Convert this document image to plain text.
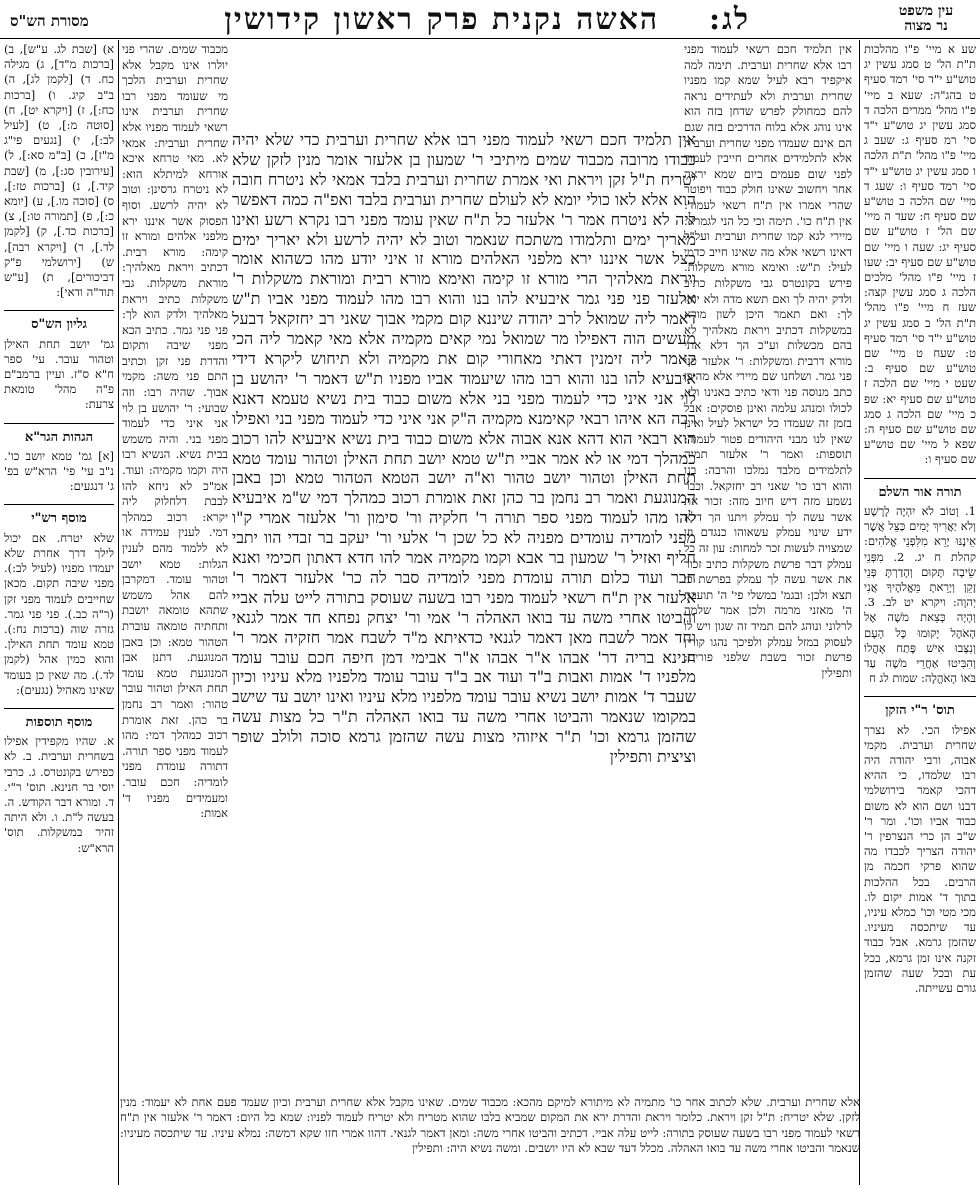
עין משפט
נר מצוה
לג:    האשה נקנית פרק ראשון קידושין
מסורת הש"ס

שע א מיי' פ"ו מהלכות ת"ת הל' ט סמג עשין יג טוש"ע י"ד סי' רמד סעיף ט בהג"ה: שעא ב מיי' פ"ו מהל' ממרים הלכה ד סמג עשין יג טוש"ע י"ד סי' רמ סעיף ג: שעב ג מיי' פ"ו מהל' ת"ת הלכה ו סמג עשין יג טוש"ע י"ד סי' רמד סעיף ו: שעג ד מיי' שם הלכה ב טוש"ע שם סעיף ח: שעד ה מיי' שם הל' ז טוש"ע שם סעיף יג: שעה ו מיי' שם טוש"ע שם סעיף יב: שעו ז מיי' פ"ו מהל' מלכים הלכה ג סמג עשין קצה: שעז ח מיי' פ"ו מהל' ת"ת הל' ב סמג עשין יג טוש"ע י"ד סי' רמד סעיף ט: שעח ט מיי' שם טוש"ע שם סעיף ב: שעט י מיי' שם הלכה ז טוש"ע שם סעיף יא: שפ כ מיי' שם הלכה ג סמג שם טוש"ע שם סעיף ה: שפא ל מיי' שם טוש"ע שם סעיף ו:

תורה אור השלם

1. וְטוֹב לֹא יִהְיֶה לָרָשָׁע וְלֹא יַאֲרִיךְ יָמִים כַּצֵּל אֲשֶׁר אֵינֶנּוּ יָרֵא מִלִּפְנֵי אֱלֹהִים: קהלת ח יג. 2. מִפְּנֵי שֵׂיבָה תָּקוּם וְהָדַרְתָּ פְּנֵי זָקֵן וְיָרֵאתָ מֵּאֱלֹהֶיךָ אֲנִי יְהוָה: ויקרא יט לב. 3. וְהָיָה כְּצֵאת מֹשֶׁה אֶל הָאֹהֶל יָקוּמוּ כָּל הָעָם וְנִצְּבוּ אִישׁ פֶּתַח אָהֳלוֹ וְהִבִּיטוּ אַחֲרֵי מֹשֶׁה עַד בֹּאוֹ הָאֹהֱלָה: שמות לג ח

תוס' ר"י הזקן

אפילו הכי. לא נצרך שחרית וערבית. מקמי אבוה, ורבי יהודה היה רבו שלמדו, כי ההיא דהכי קאמר בירושלמי דבנו ושם הוא לא משום כבוד אביו וכו'. ומר ר' ש"ב הן כרי הנצרפין ר' יהודה הצריך לכבדו מה שהוא פרקי חכמה מן הרבים. בכל ההלכות בתוך ד' אמות יקום לו. מכי מטי וכו' כמלא עיניו, עד שיתכסה מעיניו. שהזמן גרמא. אבל כבוד זקנה אינו זמן גרמא, בכל עת ובכל שעה שהזמן גורם עשייתה.

אין תלמיד חכם רשאי לעמוד מפני רבו אלא שחרית וערבית. תימה למה איקפיד רבא לעיל שמא קמו מפניו שחרית וערבית ולא לעתידים נראה להם כמחולק לפרש שדחן בזה הוא אינו נוהג אלא בלוח הדרכים בזה שגם הם אינם שעמדו מפני שחרית וערבית אלא לתלמידים אחרים חייבין לעמוד לפני שום פעמים ביום שמא יראה אחר ויחשוב שאינו חולק כבוד ויפוטר שהרי אמרו אין ת"ח רשאי לעמוד: אין ת"ח כו'. תימה וכי כל הני לגמרא. מיירי לגא קמו שחרית וערבית ועל"ל דאינו רשאי אלא מה שאינו חייב כדמי לעיל: ת"ש: ואימא מורא משקלות. פירש בקונטרס גבי משקלות כתיב ולדק יהיה לך ואם תשא מדה ולא יהיו לך: ואם תאמר היכן לשון מורא במשקלות דכתיב ויראת מאלהיך לא בהם מכשלות וע"כ הך דלא אתי מורא דרבית ומשקלות: ר' אלעזר פני פני גמר. ושלחנו שם מיירי אלא מהיכן כתב מנוסה פני ודאי כתיב באנינו ולא לכולו ומנהג עלמה ואינן פוסקים: אבל בזמן זה שעמדו כל ישראל לעיל ואינן שאין לנו מבני היהודים פטור לעמוד: תוספות: ואמר ר' אלעזר תמיה לתלמידים מלבד נמלכו והרבה: בנו והוא רבו כו' שאני רב יחזקאל. וכבר נשמע מזה דיש חיוב מזה: זכור את אשר עשה לך עמלק ויתנו הך דלא ידע שינוי עמלק עשאוהו כנגדם וזו שמצויה לעשות זכר למחות: עון זה כל עמלק דבר פרשת משקלות כתיב זכור את אשר עשה לך עמלק בפרשת כי תצא ולכן: ובגמ' במשלי פי' ה' תועבת ה' מאזני מרמה ולכן אמר שלמה לרלוני ונוהג להם תמיד זה שגון ויש לו לעסוק במזל עמלק ולפיכך נהגו קורין פרשת זכור בשבת שלפני פורים: ותפילין

אין תלמיד חכם רשאי לעמוד מפני רבו אלא שחרית וערבית כדי שלא יהיה כבודו מרובה מכבוד שמים מיתיבי ר' שמעון בן אלעזר אומר מנין לזקן שלא יטריח ת"ל זקן ויראת ואי אמרת שחרית וערבית בלבד אמאי לא ניטרח חובה הוא אלא לאו כולי יומא לא לעולם שחרית וערבית בלבד ואפ"ה כמה דאפשר ליה לא ניטרח אמר ר' אלעזר כל ת"ח שאין עומד מפני רבו נקרא רשע ואינו מאריך ימים ותלמודו משתכח שנאמר וטוב לא יהיה לרשע ולא יאריך ימים כצל אשר איננו ירא מלפני האלהים מורא זו איני יודע מהו כשהוא אומר ויראת מאלהיך הרי מורא זו קימה ואימא מורא רבית ומוראת משקלות ר' אלעזר פני פני גמר איבעיא להו בנו והוא רבו מהו לעמוד מפני אביו ת"ש דאמר ליה שמואל לרב יהודה שיננא קום מקמי אבוך שאני רב יחזקאל דבעל מעשים הוה דאפילו מר שמואל נמי קאים מקמיה אלא מאי קאמר ליה הכי קאמר ליה זימנין דאתי מאחורי קום את מקמיה ולא תיחוש ליקרא דידי איבעיא להו בנו והוא רבו מהו שיעמוד אביו מפניו ת"ש דאמר ר' יהושע בן לוי אני איני כדי לעמוד מפני בני אלא משום כבוד בית נשיא טעמא דאנא רבה הא איהו רבאי קאימנא מקמיה ה"ק אני איני כדי לעמוד מפני בני ואפילו הוא רבאי הוא דהא אנא אבוה אלא משום כבוד בית נשיא איבעיא להו רכוב כמהלך דמי או לא אמר אביי ת"ש טמא יושב תחת האילן וטהור עומד טמא תחת האילן וטהור יושב טהור וא"ה יושב הטמא הטהור טמא וכן באבן המנוגעת ואמר רב נחמן בר כהן זאת אומרת רכוב כמהלך דמי ש"מ איבעיא להו מהו לעמוד מפני ספר תורה ר' חלקיה ור' סימון ור' אלעזר אמרי ק"ו מפני לומדיה עומדים מפניה לא כל שכן ר' אלעי ור' יעקב בר זבדי הוו יתבי חליף ואזיל ר' שמעון בר אבא וקמו מקמיה אמר להו חדא דאתון חכימי ואנא חבר ועוד כלום תורה עומדת מפני לומדיה סבר לה כר' אלעזר דאמר ר' אלעזר אין ת"ח רשאי לעמוד מפני רבו בשעה שעוסק בתורה לייט עלה אביי והביטו אחרי משה עד בואו האהלה ר' אמי ור' יצחק נפחא חד אמר לגנאי וחד אמר לשבח מאן דאמר לגנאי כדאיתא מ"ד לשבח אמר חזקיה אמר ר' חנינא בריה דר' אבהו א"ר אבהו א"ר אבימי דמן חיפה חכם עובר עומד מלפניו ד' אמות ואבות ב"ד ועוד אב ב"ד עובר עומד מלפניו מלא עיניו וכיון שעבר ד' אמות יושב נשיא עובר עומד מלפניו מלא עיניו ואינו יושב עד שישב במקומו שנאמר והביטו אחרי משה עד בואו האהלה ת"ר כל מצות עשה שהזמן גרמא וכו' ת"ר איזוהי מצות עשה שהזמן גרמא סוכה ולולב שופר וציצית ותפילין

מכבוד שמים. שהרי פני יולרו אינו מקבל אלא שחרית וערבית הלכך מי שעומד מפני רבו שחרית וערבית אינו רשאי לעמוד מפניו אלא שחרית וערבית: אמאי לא. מאי טרחא איכא אורחא למיתלא הוא: לא ניטרח גרסינן: וטוב לא יהיה לרשע. וסוף הפסוק אשר איננו ירא מלפני אלהים ומורא זו קימה: מורא רבית. דכתיב ויראת מאלהיך: מוראת משקלות. גבי משקלות כתיב ויראת מאלהיך ולדק הוא לך: פני פני גמר. כתיב הכא מפני שיבה ותקום והדרת פני זקן וכתיב התם פני משה: מקמי אבוך. שהיה רבו: וזה שבועי: ר' יהושע בן לוי אני איני כדי לעמוד מפני בני. והיה משמש בבית נשיא. הנשיא רבו היה וקמו מקמיה: ועוד. אמ"כ לא ניחא להו לבבת דלחלוק ליה יקרא: רכוב כמהלך דמי. לענין עמידה או לא ללמוד מהם לענין הגלות: טמא יושב וטהור עומד. דמקרבן להם אהל משמש שתהא טומאה יושבת ותחתיה טומאה עוברת הטהור טמא: וכן באבן המנוגעת. דתנן אבן המנוגעת טמא עומד תחת האילן וטהור עובר טהור: ואמר רב נחמן בר כהן. זאת אומרת רכוב כמהלך דמי: מהו לעמוד מפני ספר תורה. דתורה עומדת מפני לומדיה: חכם עובר. ומעמידים מפניו ד' אמות:

אלא שחרית וערבית. שלא לכתוב אחר כו' מתמיה לא מיתורא למיקם מהכא: מכבוד שמים. שאינו מקבל אלא שחרית וערבית וכיון שעמד פעם אחת לא יעמוד: מנין לזקן. שלא יטריח: ת"ל זקן ויראת. כלומר ויראת והדרת ירא את המקום שמביא בלבו שהוא מטריח ולא יטריח לעמוד לפניו: שמא כל היום: דאמר ר' אלעזר אין ת"ח רשאי לעמוד מפני רבו בשעה שעוסק בתורה: לייט עלה אביי. דכתיב והביטו אחרי משה: ומאן דאמר לגנאי. דהוו אמרי חזו שקא דמשה: נמלא עיניו. עד שיתכסה מעיניו: שנאמר והביטו אחרי משה עד בואו האהלה. מכלל דעד שבא לא היו יושבים. ומשה נשיא היה: ותפילין

א) [שבת לג. ע"ש], ב) [ברכות מ"ד], ג) מגילה כח. ד) [לקמן לג], ה) ב"ב קיג. ו) [ברכות כח:], ז) [ויקרא יט], ח) [סוטה מ:], ט) [לעיל לב:], י) [נגעים פי"ג מ"ז], כ) [ב"מ סא:], ל) [עירובין סג:], מ) [שבת קיד.], נ) [ברכות טז:], ס) [סוכה מו.], ע) [יומא כ:], פ) [תמורה טו:], צ) [ברכות כד.], ק) [לקמן לד.], ר) [ויקרא רבה], ש) [ירושלמי פ"ק דביכורים], ת) [ע"ש תוד"ה ודאי]:

גליון הש"ס

גמ' יושב תחת האילן וטהור עובר. עי' ספר ח"א ס"ז. ועיין ברמב"ם פ"ה מהל' טומאת צרעת:

הגהות הגר"א

[א] גמ' טמא יושב כו'. נ"ב עי' פי' הרא"ש בפ' ג' דנגעים:

מוסף רש"י

שלא יטרח. אם יכול לילך דרך אחרת שלא יעמדו מפניו (לעיל לב:). מפני שיבה תקום. מכאן שחייבים לעמוד מפני זקן (ר"ה כב.). פני פני גמר. גזרה שוה (ברכות נח:). טמא עומד תחת האילן. והוא כמין אהל (לקמן לד.). מה שאין כן בעומד שאינו מאהיל (נגעים):

מוסף תוספות

א. שהיו מקפידין אפילו בשחרית וערבית. ב. לא כפירש בקונטרס. ג. כרבי יוסי בר חנינא. תוס' ר"י. ד. ומורא דבר הקודש. ה. בעשה ל"ת. ו. ולא היתה זהיר במשקלות. תוס' הרא"ש:
